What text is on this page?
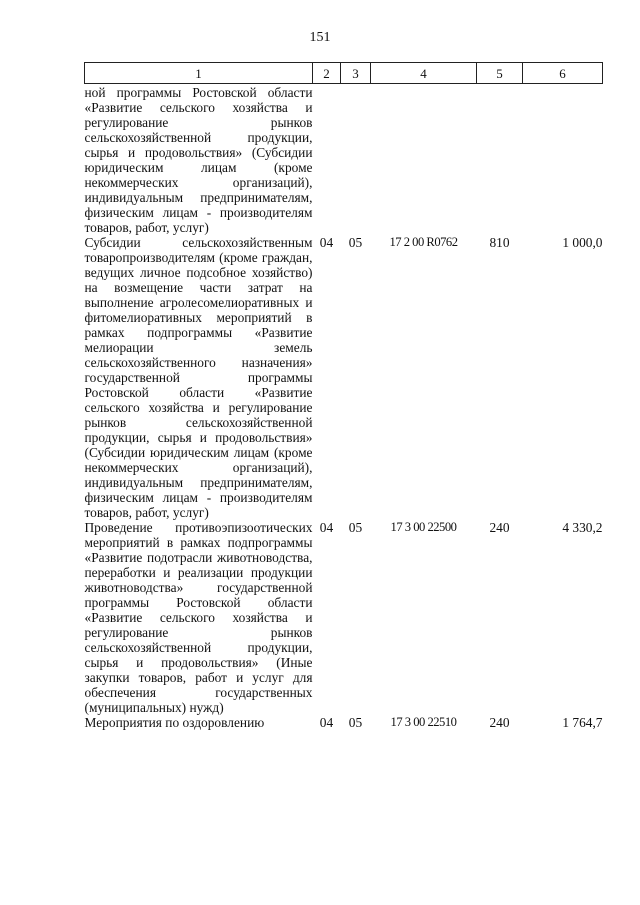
151
1	2	3	4	5	6
ной программы Ростовской области «Развитие сельского хозяйства и регулирование рынков сельскохозяйственной продукции, сырья и продовольствия» (Субсидии юридическим лицам (кроме некоммерческих организаций), индивидуальным предпринимателям, физическим лицам - производителям товаров, работ, услуг)					
Субсидии сельскохозяйственным товаропроизводителям (кроме граждан, ведущих личное подсобное хозяйство) на возмещение части затрат на выполнение агролесомелиоративных и фитомелиоративных мероприятий в рамках подпрограммы «Развитие мелиорации земель сельскохозяйственного назначения» государственной программы Ростовской области «Развитие сельского хозяйства и регулирование рынков сельскохозяйственной продукции, сырья и продовольствия» (Субсидии юридическим лицам (кроме некоммерческих организаций), индивидуальным предпринимателям, физическим лицам - производителям товаров, работ, услуг)	04	05	17 2 00 R0762	810	1 000,0
Проведение противоэпизоотических мероприятий в рамках подпрограммы «Развитие подотрасли животноводства, переработки и реализации продукции животноводства» государственной программы Ростовской области «Развитие сельского хозяйства и регулирование рынков сельскохозяйственной продукции, сырья и продовольствия» (Иные закупки товаров, работ и услуг для обеспечения государственных (муниципальных) нужд)	04	05	17 3 00 22500	240	4 330,2
Мероприятия по оздоровлению	04	05	17 3 00 22510	240	1 764,7
